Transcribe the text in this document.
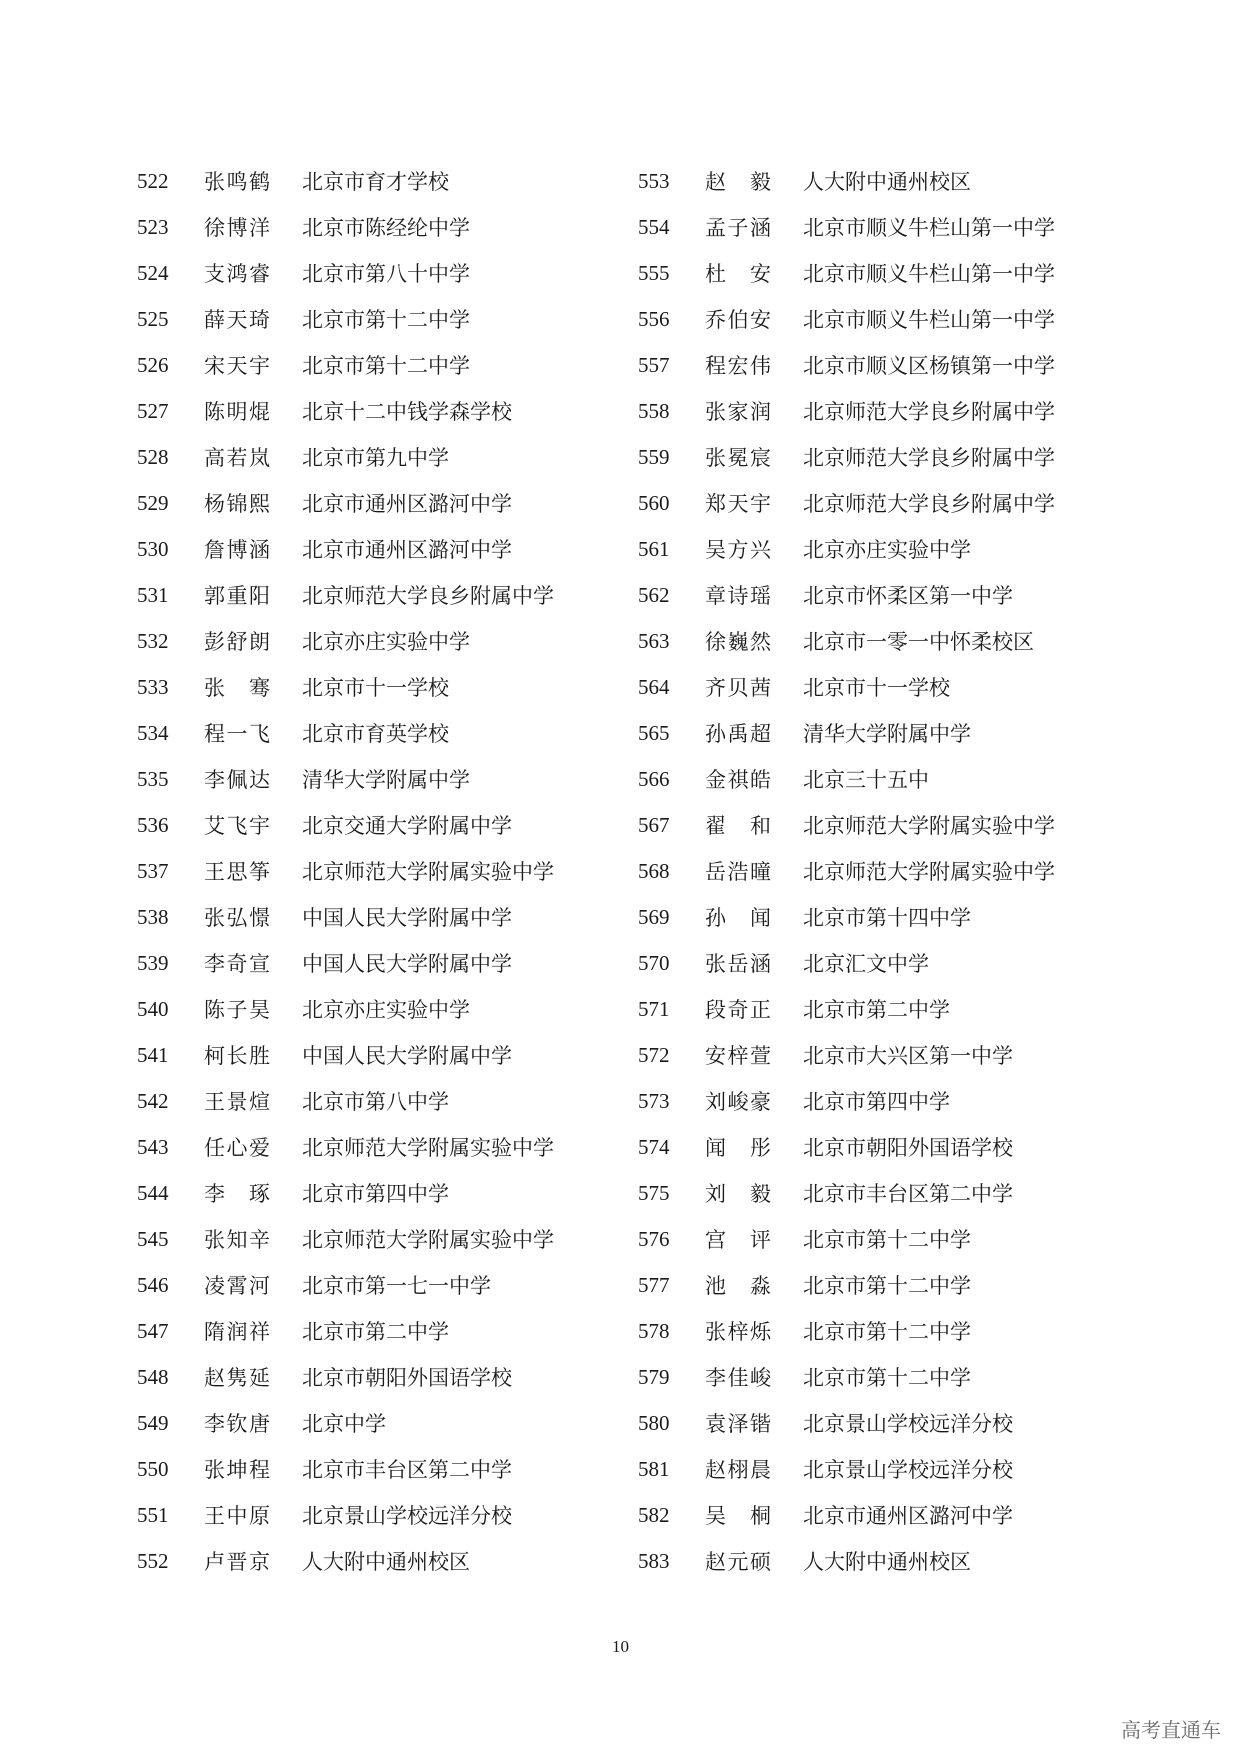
522	张鸣鹤 北京市育才学校
523	徐博洋 北京市陈经纶中学
524	支鸿睿 北京市第八十中学
525	薛天琦 北京市第十二中学
526	宋天宇 北京市第十二中学
527	陈明焜 北京十二中钱学森学校
528	高若岚 北京市第九中学
529	杨锦熙 北京市通州区潞河中学
530	詹博涵 北京市通州区潞河中学
531	郭重阳 北京师范大学良乡附属中学
532	彭舒朗 北京亦庄实验中学
533	张　骞 北京市十一学校
534	程一飞 北京市育英学校
535	李佩达 清华大学附属中学
536	艾飞宇 北京交通大学附属中学
537	王思筝 北京师范大学附属实验中学
538	张弘憬 中国人民大学附属中学
539	李奇宣 中国人民大学附属中学
540	陈子昊 北京亦庄实验中学
541	柯长胜 中国人民大学附属中学
542	王景煊 北京市第八中学
543	任心爱 北京师范大学附属实验中学
544	李　琢 北京市第四中学
545	张知辛 北京师范大学附属实验中学
546	凌霄河 北京市第一七一中学
547	隋润祥 北京市第二中学
548	赵隽延 北京市朝阳外国语学校
549	李钦唐 北京中学
550	张坤程 北京市丰台区第二中学
551	王中原 北京景山学校远洋分校
552	卢晋京 人大附中通州校区
553	赵　毅 人大附中通州校区
554	孟子涵 北京市顺义牛栏山第一中学
555	杜　安 北京市顺义牛栏山第一中学
556	乔伯安 北京市顺义牛栏山第一中学
557	程宏伟 北京市顺义区杨镇第一中学
558	张家润 北京师范大学良乡附属中学
559	张冕宸 北京师范大学良乡附属中学
560	郑天宇 北京师范大学良乡附属中学
561	吴方兴 北京亦庄实验中学
562	章诗瑶 北京市怀柔区第一中学
563	徐巍然 北京市一零一中怀柔校区
564	齐贝茜 北京市十一学校
565	孙禹超 清华大学附属中学
566	金祺皓 北京三十五中
567	翟　和 北京师范大学附属实验中学
568	岳浩曈 北京师范大学附属实验中学
569	孙　闻 北京市第十四中学
570	张岳涵 北京汇文中学
571	段奇正 北京市第二中学
572	安梓萱 北京市大兴区第一中学
573	刘峻豪 北京市第四中学
574	闻　彤 北京市朝阳外国语学校
575	刘　毅 北京市丰台区第二中学
576	宫　评 北京市第十二中学
577	池　淼 北京市第十二中学
578	张梓烁 北京市第十二中学
579	李佳峻 北京市第十二中学
580	袁泽锴 北京景山学校远洋分校
581	赵栩晨 北京景山学校远洋分校
582	吴　桐 北京市通州区潞河中学
583	赵元硕 人大附中通州校区
10
高考直通车
